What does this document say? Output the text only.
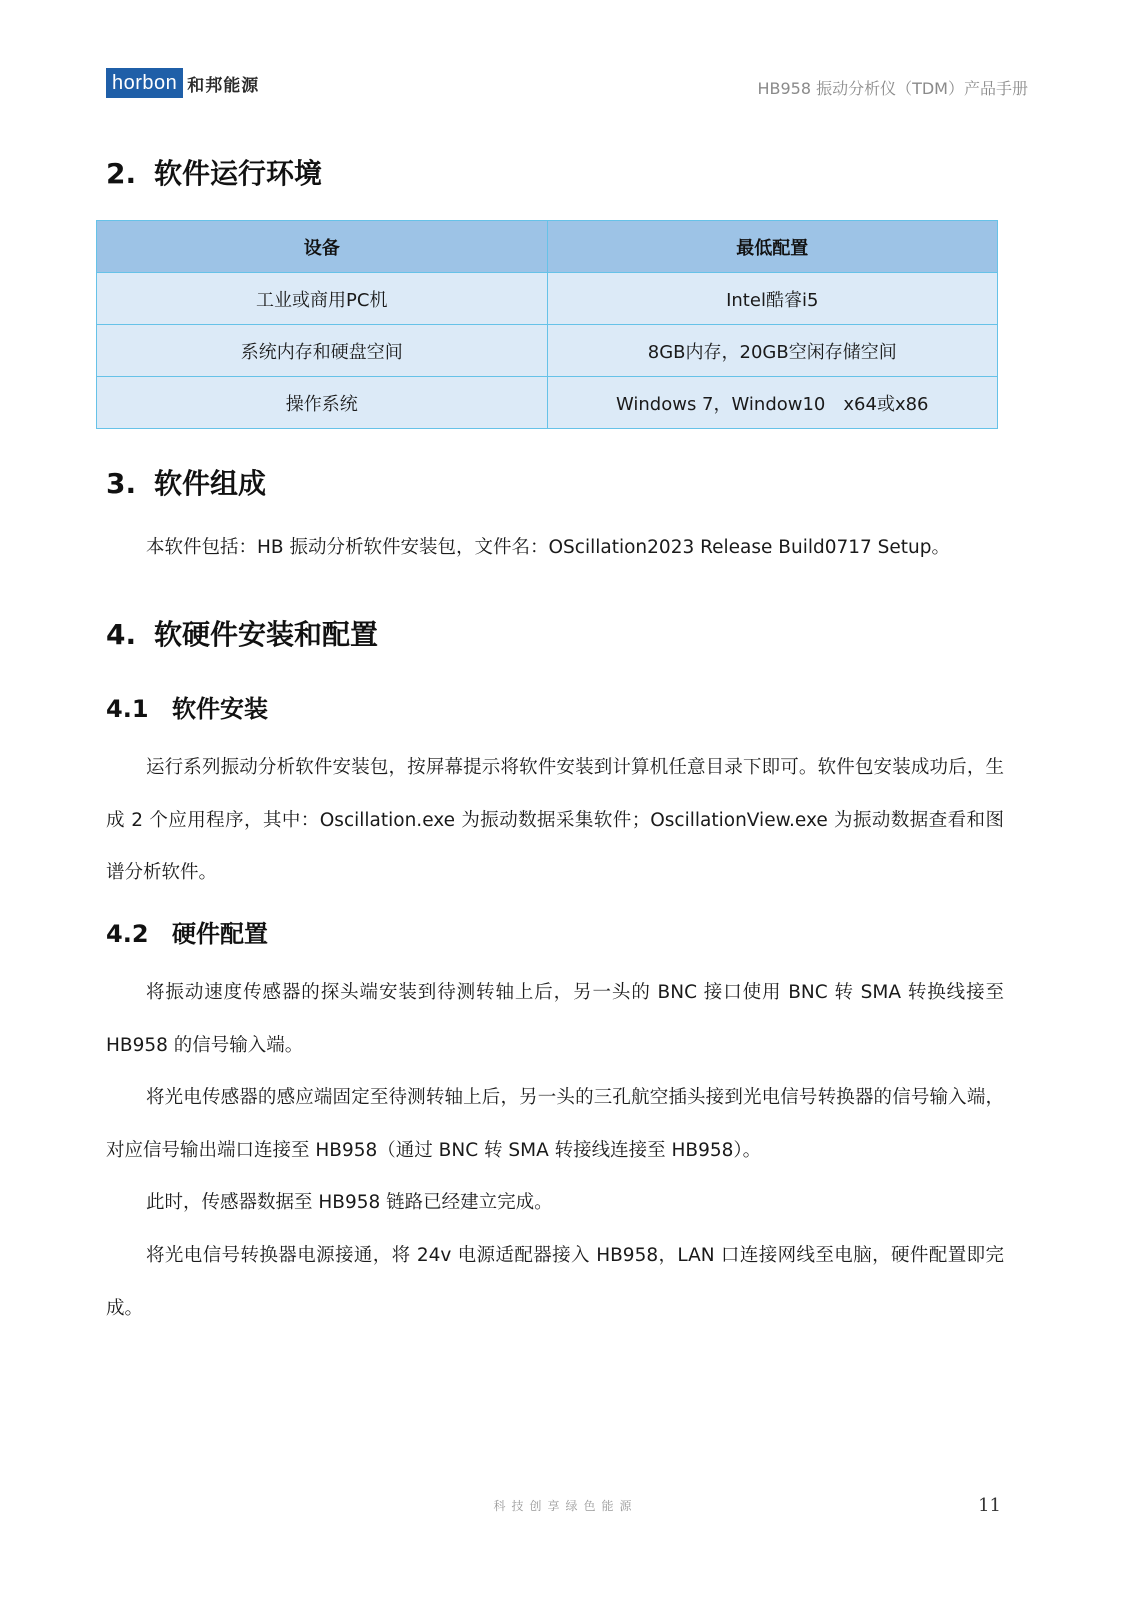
horbon 和邦能源	HB958 振动分析仪（TDM）产品手册
2. 软件运行环境
设备	最低配置
工业或商用PC机	Intel酷睿i5
系统内存和硬盘空间	8GB内存，20GB空闲存储空间
操作系统	Windows 7，Window10　x64或x86
3. 软件组成
本软件包括：HB 振动分析软件安装包，文件名：OScillation2023 Release Build0717 Setup。
4. 软硬件安装和配置
4.1 软件安装
运行系列振动分析软件安装包，按屏幕提示将软件安装到计算机任意目录下即可。软件包安装成功后，生成 2 个应用程序，其中：Oscillation.exe 为振动数据采集软件；OscillationView.exe 为振动数据查看和图谱分析软件。
4.2 硬件配置
将振动速度传感器的探头端安装到待测转轴上后，另一头的 BNC 接口使用 BNC 转 SMA 转换线接至 HB958 的信号输入端。
将光电传感器的感应端固定至待测转轴上后，另一头的三孔航空插头接到光电信号转换器的信号输入端，对应信号输出端口连接至 HB958（通过 BNC 转 SMA 转接线连接至 HB958）。
此时，传感器数据至 HB958 链路已经建立完成。
将光电信号转换器电源接通，将 24v 电源适配器接入 HB958，LAN 口连接网线至电脑，硬件配置即完成。
科技创享绿色能源	11
